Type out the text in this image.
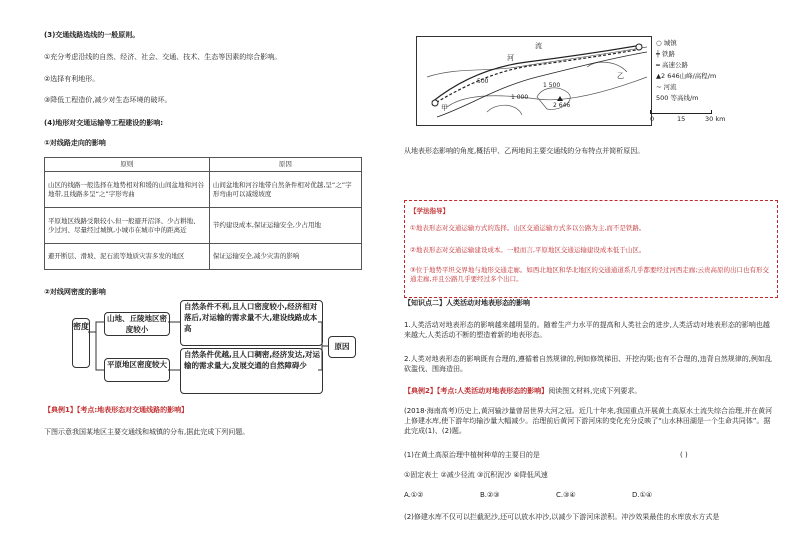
(3)交通线路选线的一般原则。
①充分考虑沿线的自然、经济、社会、交通、技术、生态等因素的综合影响。
②选择有利地形。
③降低工程造价,减少对生态环境的破坏。
(4)地形对交通运输等工程建设的影响:
①对线路走向的影响
原则	原因
山区的线路一般选择在地势相对和缓的山间盆地和河谷地带,且线路多呈“之”字形弯曲	山间盆地和河谷地带自然条件相对优越,呈“之”字形弯曲可以减缓坡度
平原地区线路受限较小,但一般避开沼泽、少占耕地、少过河、尽量经过城镇,小城市在城市中的距离近	节约建设成本,保证运输安全,少占用地
避开断层、滑坡、泥石流等地质灾害多发的地区	保证运输安全,减少灾害的影响
②对线网密度的影响
密度
山地、丘陵地区密度较小
平原地区密度较大
自然条件不利,且人口密度较小,经济相对落后,对运输的需求量不大,建设线路成本高
自然条件优越,且人口稠密,经济发达,对运输的需求量大,发展交通的自然障碍少
原因
【典例1】【考点:地表形态对交通线路的影响】
下图示意我国某地区主要交通线和城镇的分布,据此完成下列问题。
流
河
甲
乙
1 000
1 500
500
2 646
○ 城镇
┿ 铁路
═ 高速公路
▲2 646山峰/高程/m
∼ 河流
500 等高线/m
0	15	30 km
从地表形态影响的角度,概括甲、乙两地间主要交通线的分布特点并简析原因。
【学法指导】
①地表形态对交通运输方式的选择。山区交通运输方式多以公路为主,而不是铁路。
②地表形态对交通运输建设成本。一般而言,平原地区交通运输建设成本低于山区。
③位于地势平坦交界地与地形交通走廊。如西北地区和华北地区的交通通道系几乎都要经过河西走廊;云贵高原的出口也有形交通走廊,并且公路几乎要经过多个出口。
【知识点二】人类活动对地表形态的影响
1.人类活动对地表形态的影响越来越明显的。随着生产力水平的提高和人类社会的进步,人类活动对地表形态的影响也越来越大,人类活动不断的塑造着新的地表形态。
2.人类对地表形态的影响既有合理的,遵循着自然规律的,例如修筑梯田、开挖沟渠;也有不合理的,违背自然规律的,例如乱砍滥伐、围海造田。
【典例2】【考点:人类活动对地表形态的影响】阅读图文材料,完成下列要求。
(2018·海南高考)历史上,黄河输沙量曾居世界大河之冠。近几十年来,我国重点开展黄土高原水土流失综合治理,并在黄河上修建水库,使下游年均输沙量大幅减少。治理前后黄河下游河床的变化充分反映了“山水林田湖是一个生命共同体”。据此完成(1)、(2)题。
(1)在黄土高原治理中植树种草的主要目的是	( )
①固定表土 ②减少径流 ③沉积泥沙 ④降低风速
A.①②	B.②③	C.③④	D.①④
(2)修建水库不仅可以拦截泥沙,还可以放水冲沙,以减少下游河床淤积。冲沙效果最佳的水库放水方式是
